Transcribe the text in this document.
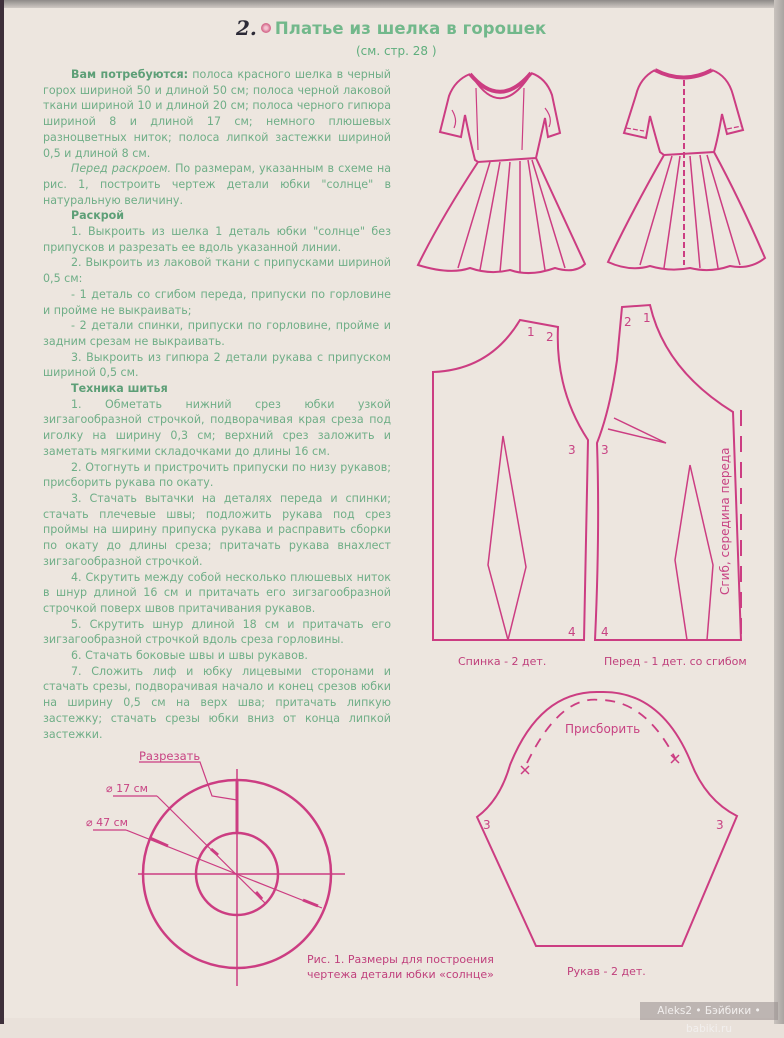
2. Платье из шелка в горошек
(см. стр. 28 )

Вам потребуются: полоса красного шелка в черный горох шириной 50 и длиной 50 см; полоса черной лаковой ткани шириной 10 и длиной 20 см; полоса черного гипюра шириной 8 и длиной 17 см; немного плюшевых разноцветных ниток; полоса липкой застежки шириной 0,5 и длиной 8 см.

Перед раскроем. По размерам, указанным в схеме на рис. 1, построить чертеж детали юбки "солнце" в натуральную величину.

Раскрой

1. Выкроить из шелка 1 деталь юбки "солнце" без припусков и разрезать ее вдоль указанной линии.

2. Выкроить из лаковой ткани с припусками шириной 0,5 см:

- 1 деталь со сгибом переда, припуски по горловине и пройме не выкраивать;

- 2 детали спинки, припуски по горловине, пройме и задним срезам не выкраивать.

3. Выкроить из гипюра 2 детали рукава с припуском шириной 0,5 см.

Техника шитья

1. Обметать нижний срез юбки узкой зигзагообразной строчкой, подворачивая края среза под иголку на ширину 0,3 см; верхний срез заложить и заметать мягкими складочками до длины 16 см.

2. Отогнуть и пристрочить припуски по низу рукавов; присборить рукава по окату.

3. Стачать вытачки на деталях переда и спинки; стачать плечевые швы; подложить рукава под срез проймы на ширину припуска рукава и расправить сборки по окату до длины среза; притачать рукава внахлест зигзагообразной строчкой.

4. Скрутить между собой несколько плюшевых ниток в шнур длиной 16 см и притачать его зигзагообразной строчкой поверх швов притачивания рукавов.

5. Скрутить шнур длиной 18 см и притачать его зигзагообразной строчкой вдоль среза горловины.

6. Стачать боковые швы и швы рукавов.

7. Сложить лиф и юбку лицевыми сторонами и стачать срезы, подворачивая начало и конец срезов юбки на ширину 0,5 см на верх шва; притачать липкую застежку; стачать срезы юбки вниз от конца липкой застежки.

1 2
3
4
2 1
3
4
Сгиб, середина переда
3	3
Присборить
Разрезать
⌀ 17 см
⌀ 47 см
Спинка - 2 дет.	Перед - 1 дет. со сгибом
Рис. 1. Размеры для построения
чертежа детали юбки «солнце»	Рукав - 2 дет.
Aleks2 • Бэйбики • babiki.ru
